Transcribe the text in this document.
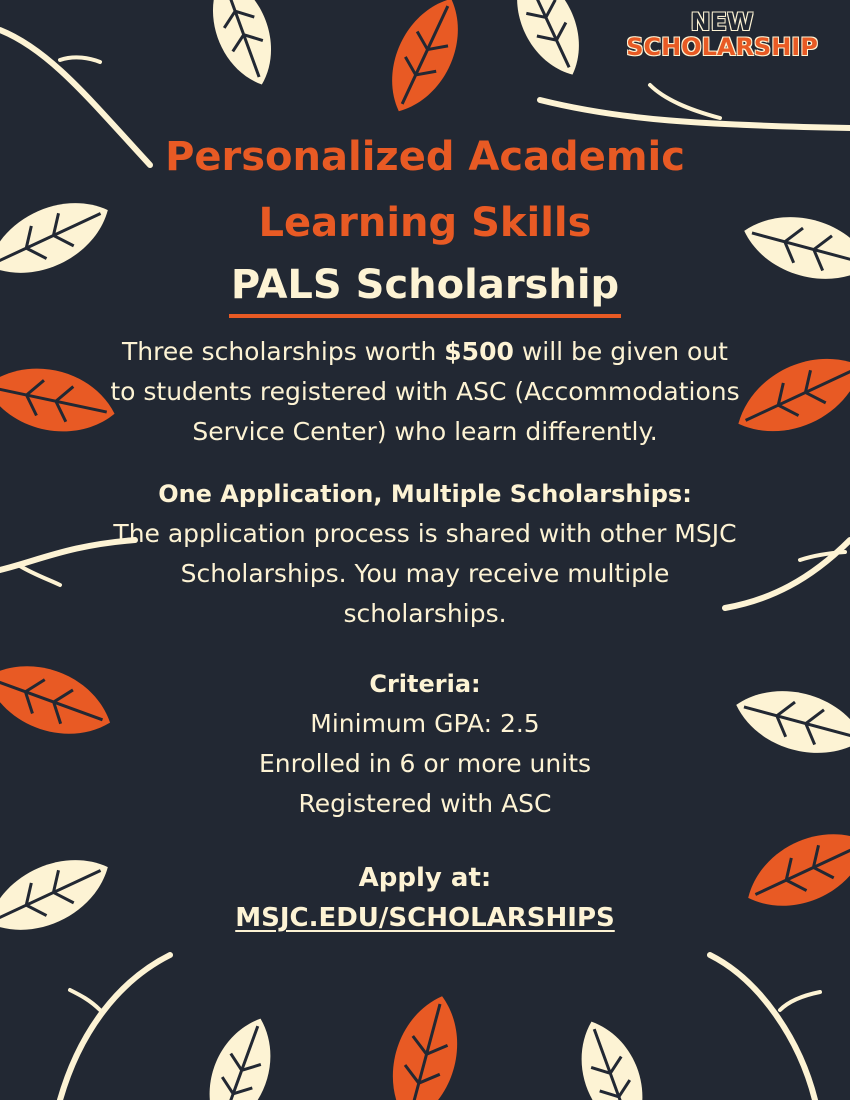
NEW
SCHOLARSHIP
Personalized Academic
Learning Skills
PALS Scholarship

Three scholarships worth $500 will be given out to students registered with ASC (Accommodations Service Center) who learn differently.

One Application, Multiple Scholarships:

The application process is shared with other MSJC Scholarships. You may receive multiple scholarships.

Criteria:
Minimum GPA: 2.5
Enrolled in 6 or more units
Registered with ASC
Apply at:
MSJC.EDU/SCHOLARSHIPS
